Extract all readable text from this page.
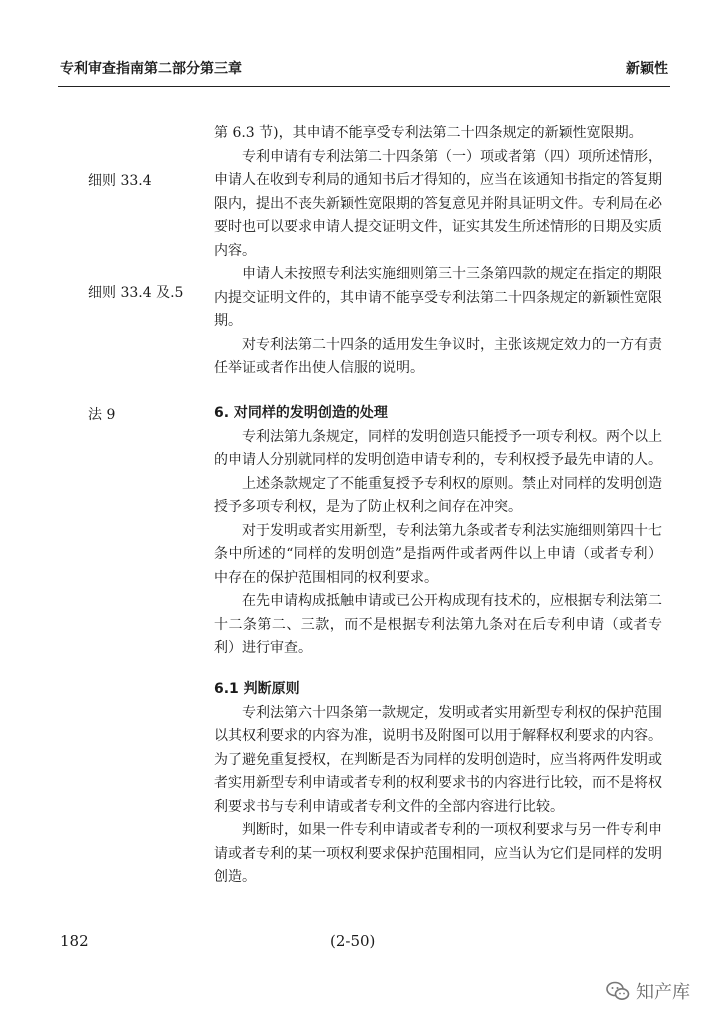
专利审查指南第二部分第三章	新颖性
细则 33.4
细则 33.4 及.5
法 9

第 6.3 节)，其申请不能享受专利法第二十四条规定的新颖性宽限期。

专利申请有专利法第二十四条第（一）项或者第（四）项所述情形，申请人在收到专利局的通知书后才得知的，应当在该通知书指定的答复期限内，提出不丧失新颖性宽限期的答复意见并附具证明文件。专利局在必要时也可以要求申请人提交证明文件，证实其发生所述情形的日期及实质内容。

申请人未按照专利法实施细则第三十三条第四款的规定在指定的期限内提交证明文件的，其申请不能享受专利法第二十四条规定的新颖性宽限期。

对专利法第二十四条的适用发生争议时，主张该规定效力的一方有责任举证或者作出使人信服的说明。

6. 对同样的发明创造的处理

专利法第九条规定，同样的发明创造只能授予一项专利权。两个以上的申请人分别就同样的发明创造申请专利的，专利权授予最先申请的人。

上述条款规定了不能重复授予专利权的原则。禁止对同样的发明创造授予多项专利权，是为了防止权利之间存在冲突。

对于发明或者实用新型，专利法第九条或者专利法实施细则第四十七条中所述的“同样的发明创造”是指两件或者两件以上申请（或者专利）中存在的保护范围相同的权利要求。

在先申请构成抵触申请或已公开构成现有技术的，应根据专利法第二十二条第二、三款，而不是根据专利法第九条对在后专利申请（或者专利）进行审查。

6.1 判断原则

专利法第六十四条第一款规定，发明或者实用新型专利权的保护范围以其权利要求的内容为准，说明书及附图可以用于解释权利要求的内容。为了避免重复授权，在判断是否为同样的发明创造时，应当将两件发明或者实用新型专利申请或者专利的权利要求书的内容进行比较，而不是将权利要求书与专利申请或者专利文件的全部内容进行比较。

判断时，如果一件专利申请或者专利的一项权利要求与另一件专利申请或者专利的某一项权利要求保护范围相同，应当认为它们是同样的发明创造。

182	(2-50)
知产库
